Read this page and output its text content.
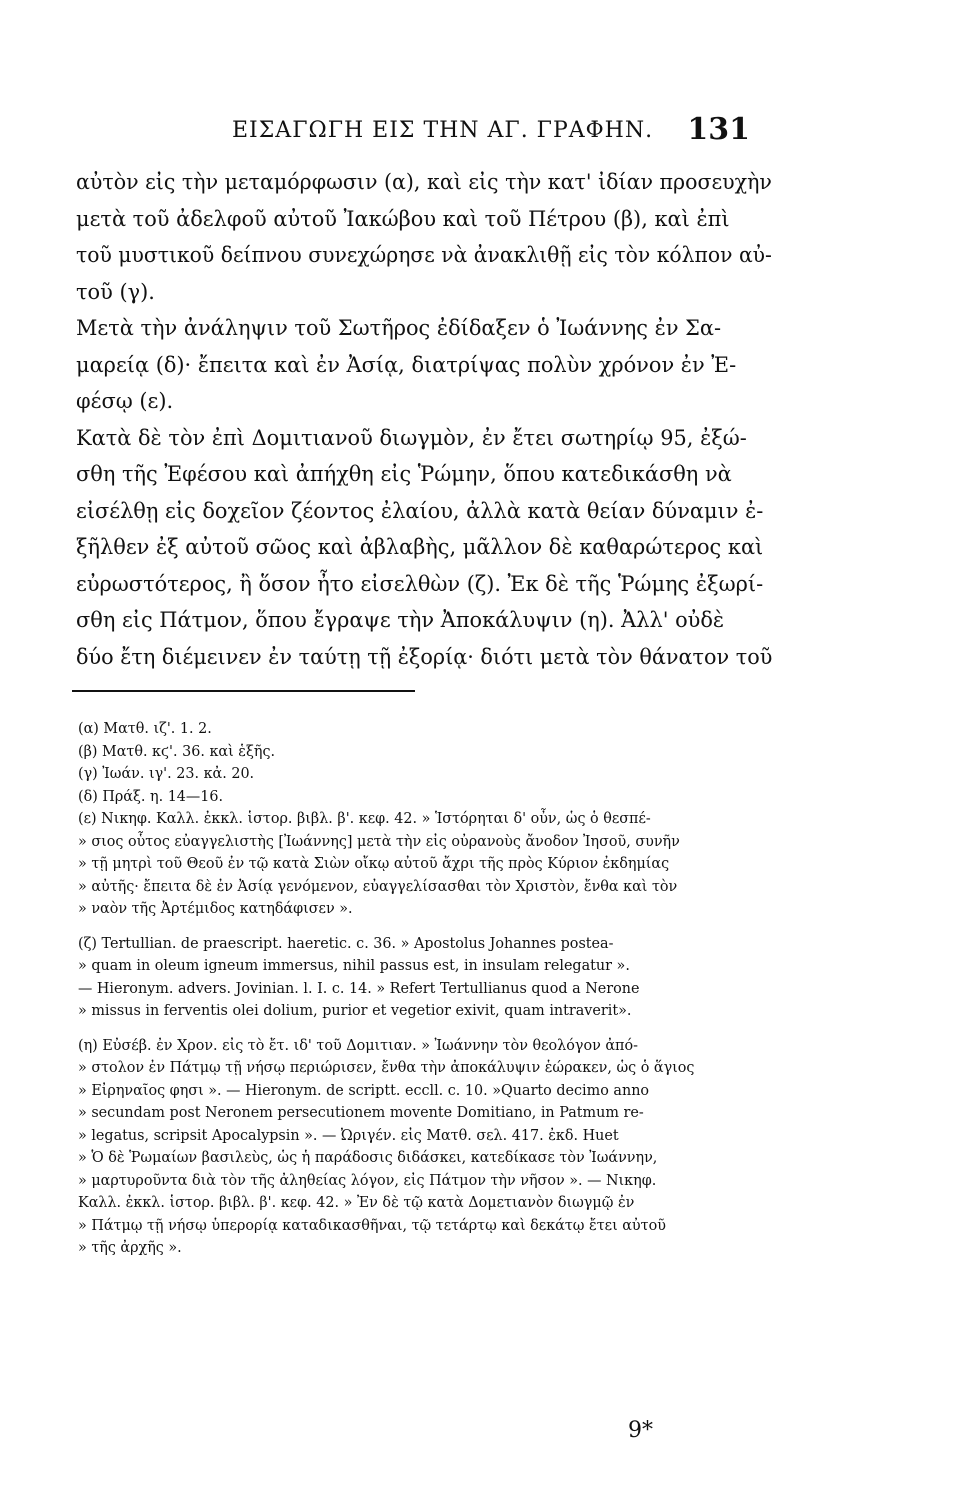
ΕΙΣΑΓΩΓΗ ΕΙΣ ΤΗΝ ΑΓ. ΓΡΑΦΗΝ. 131

αὐτὸν εἰς τὴν μεταμόρφωσιν (α), καὶ εἰς τὴν κατ' ἰδίαν προσευχὴν
μετὰ τοῦ ἀδελφοῦ αὐτοῦ Ἰακώβου καὶ τοῦ Πέτρου (β), καὶ ἐπὶ
τοῦ μυστικοῦ δείπνου συνεχώρησε νὰ ἀνακλιθῇ εἰς τὸν κόλπον αὐ-
τοῦ (γ).
Μετὰ τὴν ἀνάληψιν τοῦ Σωτῆρος ἐδίδαξεν ὁ Ἰωάννης ἐν Σα-
μαρείᾳ (δ)· ἔπειτα καὶ ἐν Ἀσίᾳ, διατρίψας πολὺν χρόνον ἐν Ἐ-
φέσῳ (ε).
Κατὰ δὲ τὸν ἐπὶ Δομιτιανοῦ διωγμὸν, ἐν ἔτει σωτηρίῳ 95, ἐξώ-
σθη τῆς Ἐφέσου καὶ ἀπήχθη εἰς Ῥώμην, ὅπου κατεδικάσθη νὰ
εἰσέλθῃ εἰς δοχεῖον ζέοντος ἐλαίου, ἀλλὰ κατὰ θείαν δύναμιν ἐ-
ξῆλθεν ἐξ αὐτοῦ σῶος καὶ ἀβλαβὴς, μᾶλλον δὲ καθαρώτερος καὶ
εὐρωστότερος, ἢ ὅσον ἦτο εἰσελθὼν (ζ). Ἐκ δὲ τῆς Ῥώμης ἐξωρί-
σθη εἰς Πάτμον, ὅπου ἔγραψε τὴν Ἀποκάλυψιν (η). Ἀλλ' οὐδὲ
δύο ἔτη διέμεινεν ἐν ταύτῃ τῇ ἐξορίᾳ· διότι μετὰ τὸν θάνατον τοῦ

(α) Ματθ. ιζ'. 1. 2.
(β) Ματθ. κϛ'. 36. καὶ ἑξῆς.
(γ) Ἰωάν. ιγ'. 23. κἀ. 20.
(δ) Πράξ. η. 14—16.
(ε) Νικηφ. Καλλ. ἐκκλ. ἱστορ. βιβλ. β'. κεφ. 42. » Ἱστόρηται δ' οὖν, ὡς ὁ θεσπέ-
» σιος οὗτος εὐαγγελιστὴς [Ἰωάννης] μετὰ τὴν εἰς οὐρανοὺς ἄνοδον Ἰησοῦ, συνῆν
» τῇ μητρὶ τοῦ Θεοῦ ἐν τῷ κατὰ Σιὼν οἴκῳ αὐτοῦ ἄχρι τῆς πρὸς Κύριον ἐκδημίας
» αὐτῆς· ἔπειτα δὲ ἐν Ἀσίᾳ γενόμενον, εὐαγγελίσασθαι τὸν Χριστὸν, ἔνθα καὶ τὸν
» ναὸν τῆς Ἀρτέμιδος κατηδάφισεν ».
(ζ) Tertullian. de praescript. haeretic. c. 36. » Apostolus Johannes postea-
» quam in oleum igneum immersus, nihil passus est, in insulam relegatur ».
— Hieronym. advers. Jovinian. l. I. c. 14. » Refert Tertullianus quod a Nerone
» missus in ferventis olei dolium, purior et vegetior exivit, quam intraverit».
(η) Εὐσέβ. ἐν Χρον. εἰς τὸ ἔτ. ιδ' τοῦ Δομιτιαν. » Ἰωάννην τὸν θεολόγον ἀπό-
» στολον ἐν Πάτμῳ τῇ νήσῳ περιώρισεν, ἔνθα τὴν ἀποκάλυψιν ἑώρακεν, ὡς ὁ ἅγιος
» Εἰρηναῖος φησι ». — Hieronym. de scriptt. eccll. c. 10. »Quarto decimo anno
» secundam post Neronem persecutionem movente Domitiano, in Patmum re-
» legatus, scripsit Apocalypsin ». — Ὠριγέν. εἰς Ματθ. σελ. 417. ἐκδ. Huet
» Ὁ δὲ Ῥωμαίων βασιλεὺς, ὡς ἡ παράδοσις διδάσκει, κατεδίκασε τὸν Ἰωάννην,
» μαρτυροῦντα διὰ τὸν τῆς ἀληθείας λόγον, εἰς Πάτμον τὴν νῆσον ». — Νικηφ.
Καλλ. ἐκκλ. ἱστορ. βιβλ. β'. κεφ. 42. » Ἐν δὲ τῷ κατὰ Δομετιανὸν διωγμῷ ἐν
» Πάτμῳ τῇ νήσῳ ὑπερορίᾳ καταδικασθῆναι, τῷ τετάρτῳ καὶ δεκάτῳ ἔτει αὐτοῦ
» τῆς ἀρχῆς ».
9*
